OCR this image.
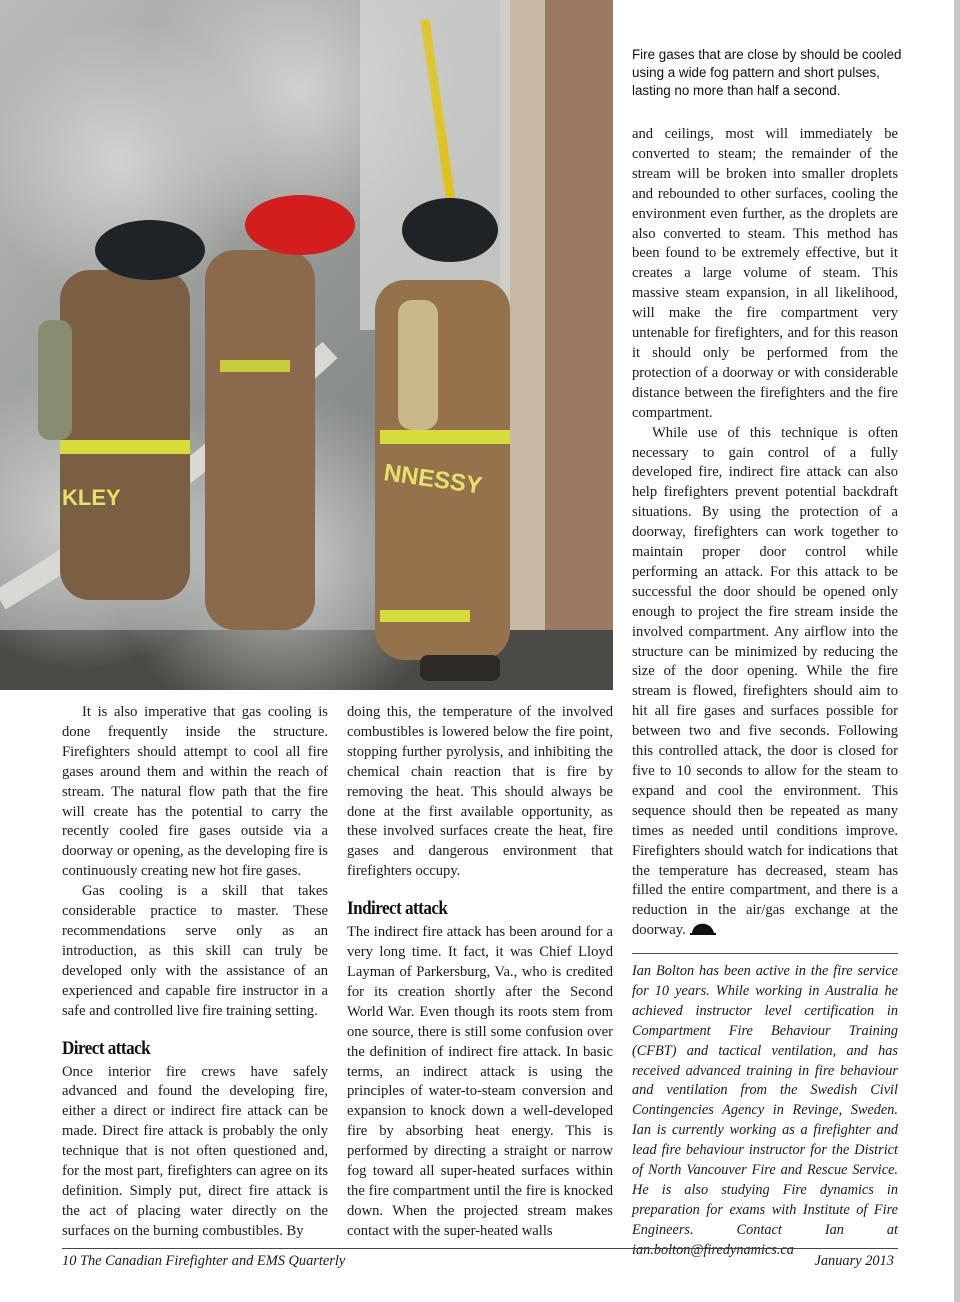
NNESSY
KLEY
Fire gases that are close by should be cooled using a wide fog pattern and short pulses, lasting no more than half a second.

It is also imperative that gas cooling is done frequently inside the structure. Firefighters should attempt to cool all fire gases around them and within the reach of stream. The natural flow path that the fire will create has the potential to carry the recently cooled fire gases outside via a doorway or opening, as the developing fire is continuously creating new hot fire gases.

Gas cooling is a skill that takes considerable practice to master. These recommendations serve only as an introduction, as this skill can truly be developed only with the assistance of an experienced and capable fire instructor in a safe and controlled live fire training setting.

Direct attack

Once interior fire crews have safely advanced and found the developing fire, either a direct or indirect fire attack can be made. Direct fire attack is probably the only technique that is not often questioned and, for the most part, firefighters can agree on its definition. Simply put, direct fire attack is the act of placing water directly on the surfaces on the burning combustibles. By

doing this, the temperature of the involved combustibles is lowered below the fire point, stopping further pyrolysis, and inhibiting the chemical chain reaction that is fire by removing the heat. This should always be done at the first available opportunity, as these involved surfaces create the heat, fire gases and dangerous environment that firefighters occupy.

Indirect attack

The indirect fire attack has been around for a very long time. It fact, it was Chief Lloyd Layman of Parkersburg, Va., who is credited for its creation shortly after the Second World War. Even though its roots stem from one source, there is still some confusion over the definition of indirect fire attack. In basic terms, an indirect attack is using the principles of water-to-steam conversion and expansion to knock down a well-developed fire by absorbing heat energy. This is performed by directing a straight or narrow fog toward all super-heated surfaces within the fire compartment until the fire is knocked down. When the projected stream makes contact with the super-heated walls

and ceilings, most will immediately be converted to steam; the remainder of the stream will be broken into smaller droplets and rebounded to other surfaces, cooling the environment even further, as the droplets are also converted to steam. This method has been found to be extremely effective, but it creates a large volume of steam. This massive steam expansion, in all likelihood, will make the fire compartment very untenable for firefighters, and for this reason it should only be performed from the protection of a doorway or with considerable distance between the firefighters and the fire compartment.

While use of this technique is often necessary to gain control of a fully developed fire, indirect fire attack can also help firefighters prevent potential backdraft situations. By using the protection of a doorway, firefighters can work together to maintain proper door control while performing an attack. For this attack to be successful the door should be opened only enough to project the fire stream inside the involved compartment. Any airflow into the structure can be minimized by reducing the size of the door opening. While the fire stream is flowed, firefighters should aim to hit all fire gases and surfaces possible for between two and five seconds. Following this controlled attack, the door is closed for five to 10 seconds to allow for the steam to expand and cool the environment. This sequence should then be repeated as many times as needed until conditions improve. Firefighters should watch for indications that the temperature has decreased, steam has filled the entire compartment, and there is a reduction in the air/gas exchange at the doorway.

Ian Bolton has been active in the fire service for 10 years. While working in Australia he achieved instructor level certification in Compartment Fire Behaviour Training (CFBT) and tactical ventilation, and has received advanced training in fire behaviour and ventilation from the Swedish Civil Contingencies Agency in Revinge, Sweden. Ian is currently working as a firefighter and lead fire behaviour instructor for the District of North Vancouver Fire and Rescue Service. He is also studying Fire dynamics in preparation for exams with Institute of Fire Engineers. Contact Ian at ian.bolton@firedynamics.ca
10 The Canadian Firefighter and EMS Quarterly	January 2013
